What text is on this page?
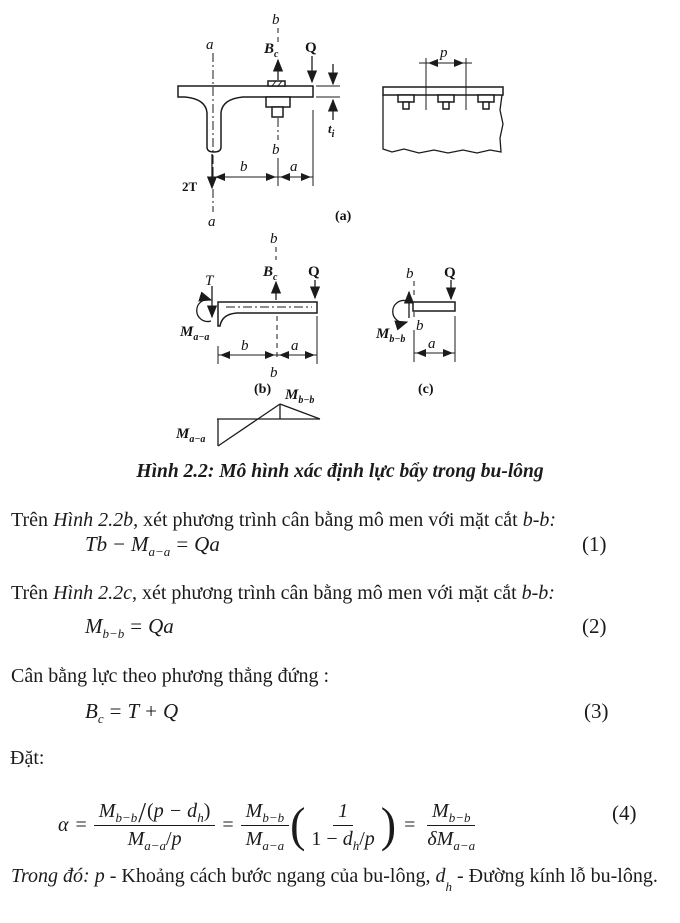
b
$B_c$
b
Q
a
a
2T
$t_i$
b	a
(a)
p
b
$B_c$ Q
T
$M_{a-a}$
b
b	a
(b)
b Q
$M_{b-b}$
b
a
(c)
$M_{b-b}$
$M_{a-a}$
Hình 2.2: Mô hình xác định lực bẩy trong bu-lông

Trên Hình 2.2b, xét phương trình cân bằng mô men với mặt cắt b-b:

$Tb - M_{a-a} = Qa$	(1)

Trên Hình 2.2c, xét phương trình cân bằng mô men với mặt cắt b-b:

$M_{b-b} = Qa$	(2)

Cân bằng lực theo phương thẳng đứng :

$B_c = T + Q$	(3)

Đặt:

$\alpha = \frac{M_{b-b}/(p - d_h)}{M_{a-a}/p} = \frac{M_{b-b}}{M_{a-a}}$ ( $\frac{1}{1 - d_h/p}$ ) = $\frac{M_{b-b}}{\delta M_{a-a}}$	(4)

Trong đó: p - Khoảng cách bước ngang của bu-lông, $d_h$ - Đường kính lỗ bu-lông.
